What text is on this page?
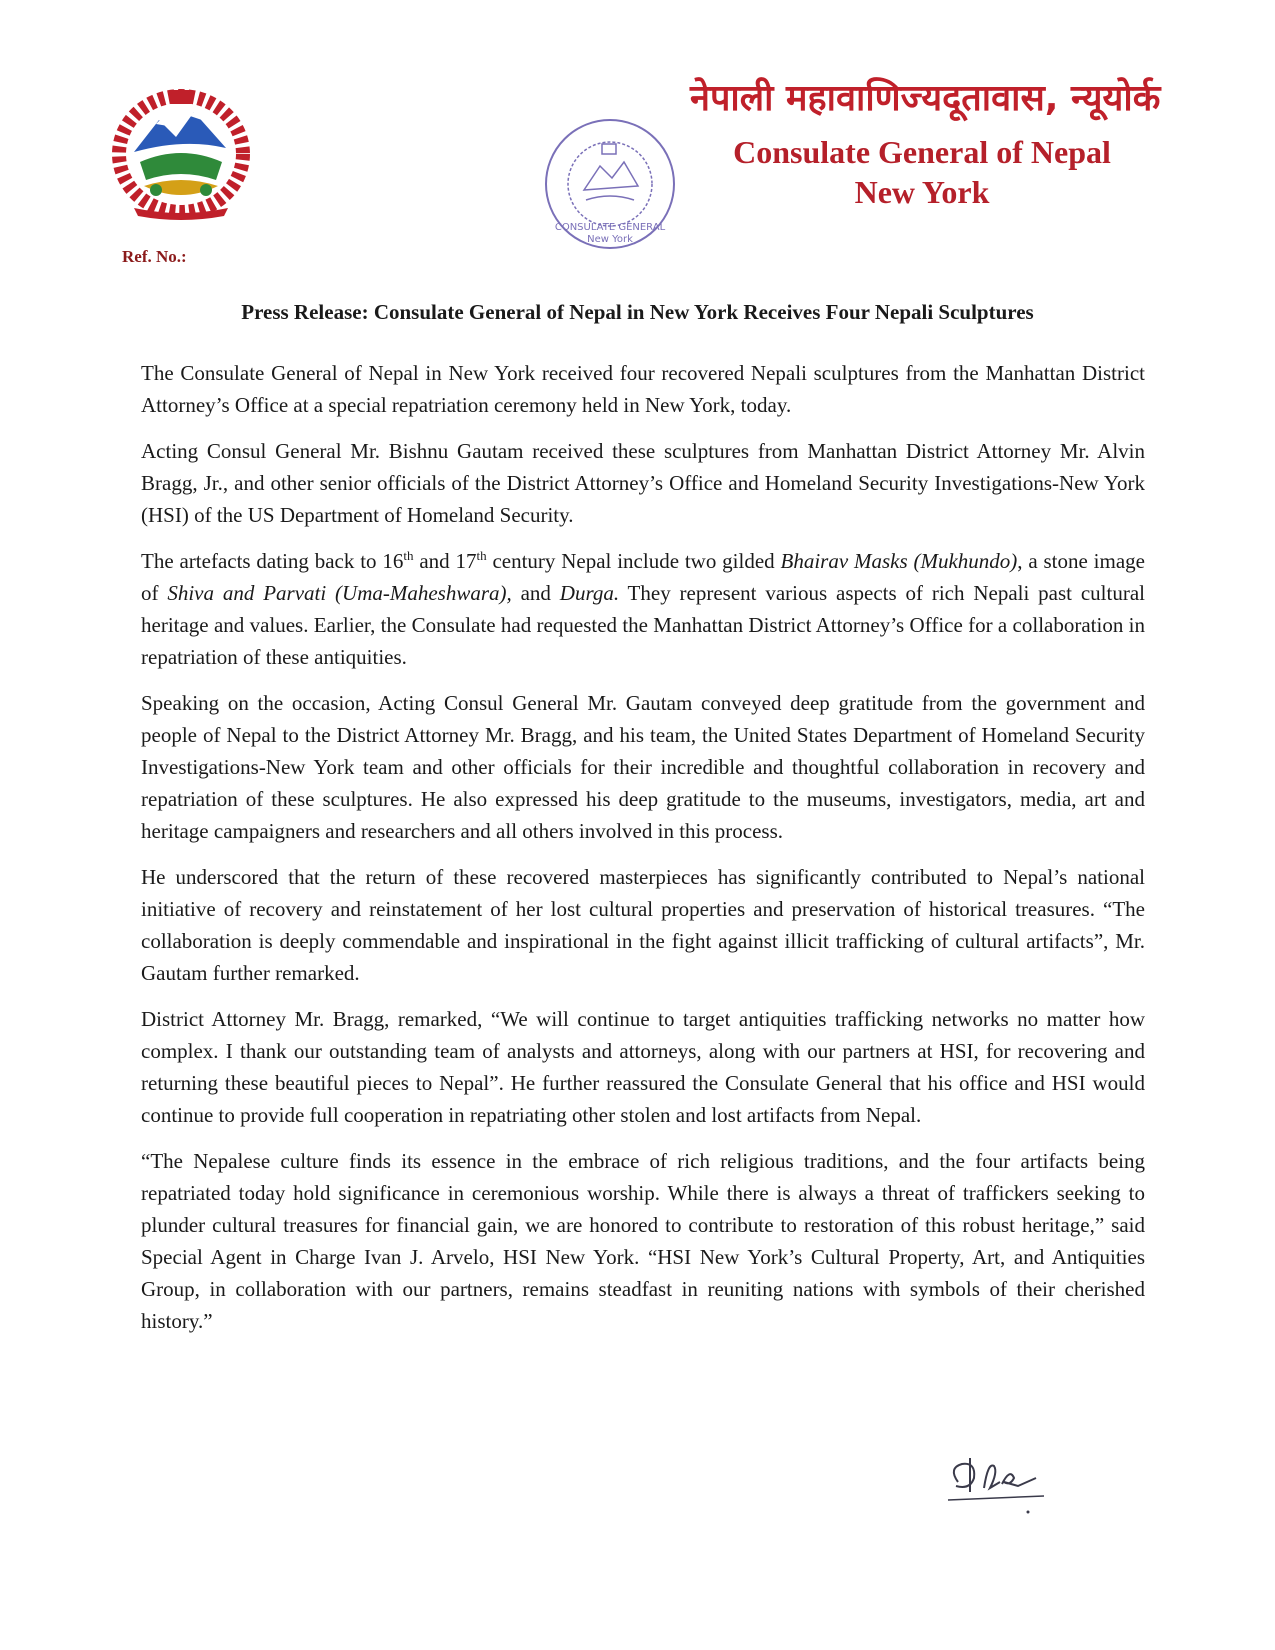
Ref. No.:
New York
CONSULATE GENERAL
नेपाली महावाणिज्यदूतावास, न्यूयोर्क
Consulate General of Nepal
New York
Press Release: Consulate General of Nepal in New York Receives Four Nepali Sculptures

The Consulate General of Nepal in New York received four recovered Nepali sculptures from the Manhattan District Attorney’s Office at a special repatriation ceremony held in New York, today.

Acting Consul General Mr. Bishnu Gautam received these sculptures from Manhattan District Attorney Mr. Alvin Bragg, Jr., and other senior officials of the District Attorney’s Office and Homeland Security Investigations-New York (HSI) of the US Department of Homeland Security.

The artefacts dating back to 16th and 17th century Nepal include two gilded Bhairav Masks (Mukhundo), a stone image of Shiva and Parvati (Uma-Maheshwara), and Durga. They represent various aspects of rich Nepali past cultural heritage and values. Earlier, the Consulate had requested the Manhattan District Attorney’s Office for a collaboration in repatriation of these antiquities.

Speaking on the occasion, Acting Consul General Mr. Gautam conveyed deep gratitude from the government and people of Nepal to the District Attorney Mr. Bragg, and his team, the United States Department of Homeland Security Investigations-New York team and other officials for their incredible and thoughtful collaboration in recovery and repatriation of these sculptures. He also expressed his deep gratitude to the museums, investigators, media, art and heritage campaigners and researchers and all others involved in this process.

He underscored that the return of these recovered masterpieces has significantly contributed to Nepal’s national initiative of recovery and reinstatement of her lost cultural properties and preservation of historical treasures. “The collaboration is deeply commendable and inspirational in the fight against illicit trafficking of cultural artifacts”, Mr. Gautam further remarked.

District Attorney Mr. Bragg, remarked, “We will continue to target antiquities trafficking networks no matter how complex. I thank our outstanding team of analysts and attorneys, along with our partners at HSI, for recovering and returning these beautiful pieces to Nepal”. He further reassured the Consulate General that his office and HSI would continue to provide full cooperation in repatriating other stolen and lost artifacts from Nepal.

“The Nepalese culture finds its essence in the embrace of rich religious traditions, and the four artifacts being repatriated today hold significance in ceremonious worship. While there is always a threat of traffickers seeking to plunder cultural treasures for financial gain, we are honored to contribute to restoration of this robust heritage,” said Special Agent in Charge Ivan J. Arvelo, HSI New York. “HSI New York’s Cultural Property, Art, and Antiquities Group, in collaboration with our partners, remains steadfast in reuniting nations with symbols of their cherished history.”
